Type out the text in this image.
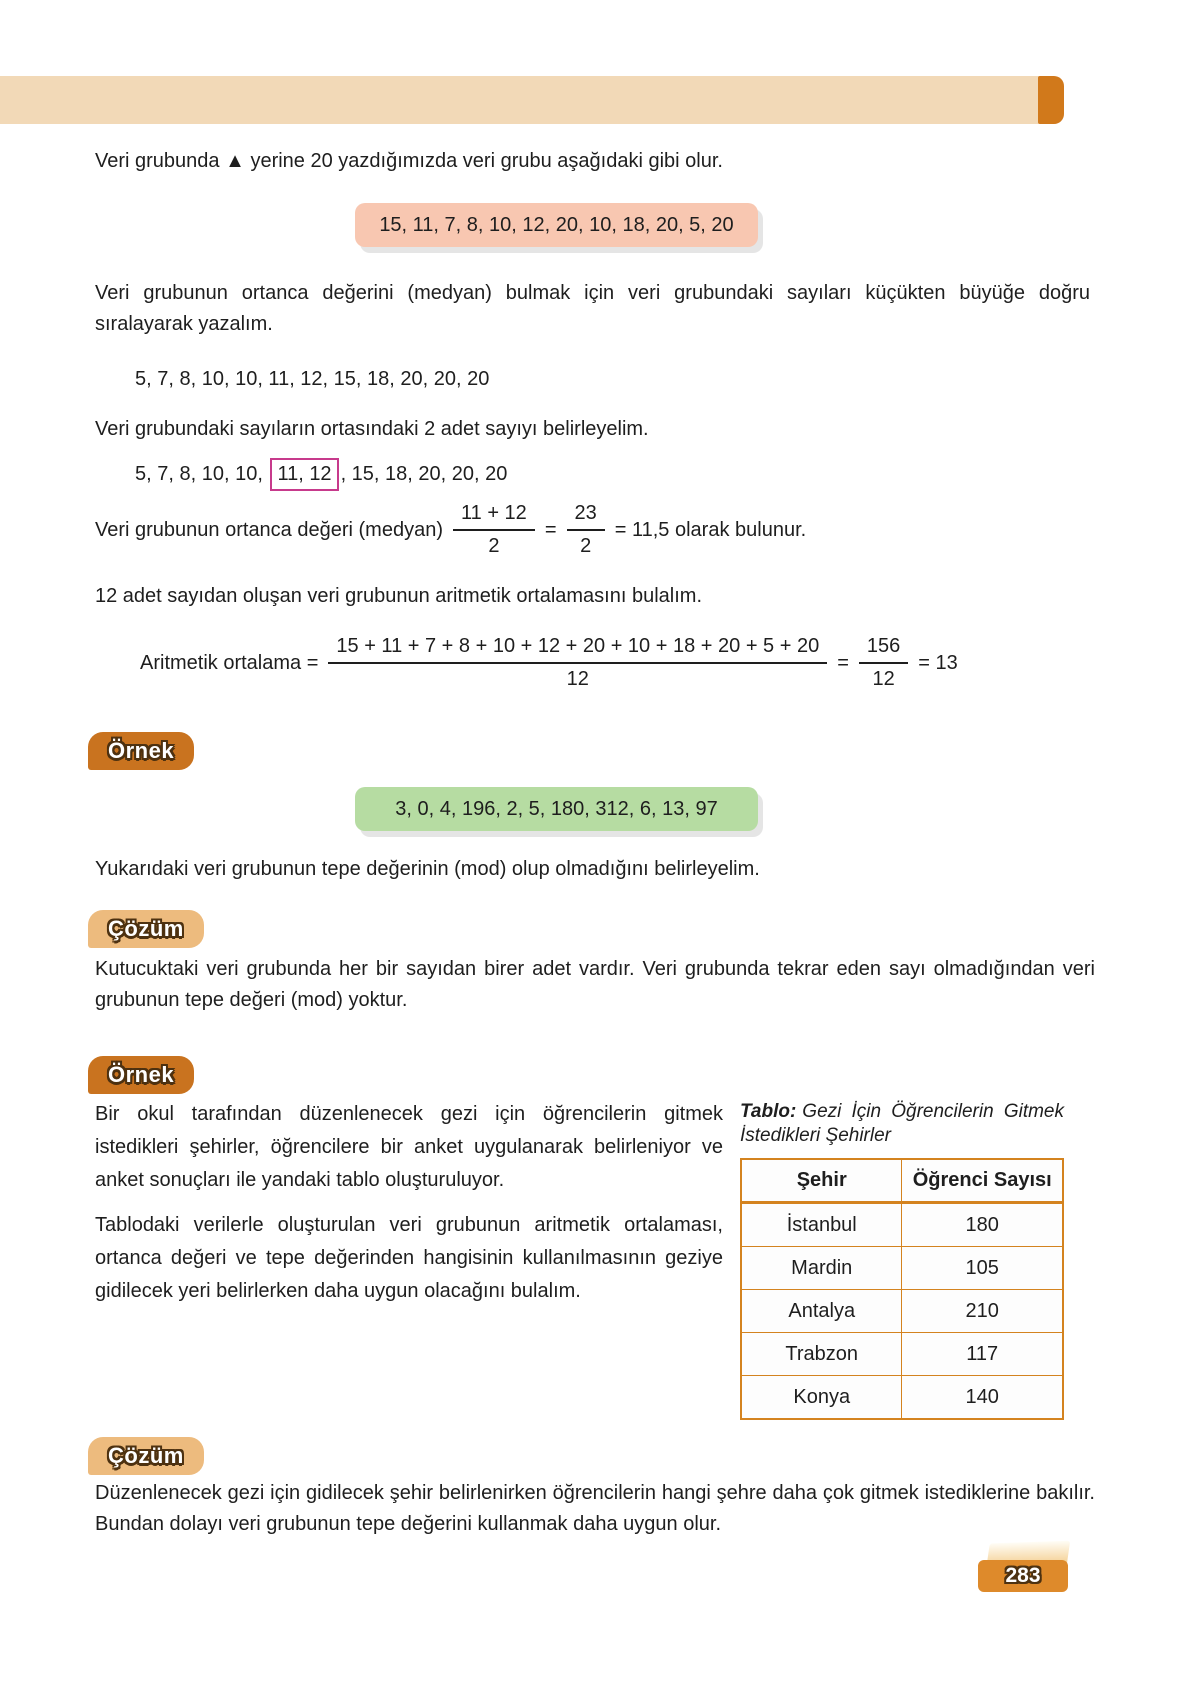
Veri grubunda ▲ yerine 20 yazdığımızda veri grubu aşağıdaki gibi olur.
15, 11, 7, 8, 10, 12, 20, 10, 18, 20, 5, 20
Veri grubunun ortanca değerini (medyan) bulmak için veri grubundaki sayıları küçükten büyüğe doğru sıralayarak yazalım.
5, 7, 8, 10, 10, 11, 12, 15, 18, 20, 20, 20
Veri grubundaki sayıların ortasındaki 2 adet sayıyı belirleyelim.
5, 7, 8, 10, 10, 11, 12 , 15, 18, 20, 20, 20
Veri grubunun ortanca değeri (medyan) $\frac{11 + 12}{2} = \frac{23}{2} = 11,5$ olarak bulunur.
12 adet sayıdan oluşan veri grubunun aritmetik ortalamasını bulalım.
Aritmetik ortalama = $\frac{15 + 11 + 7 + 8 + 10 + 12 + 20 + 10 + 18 + 20 + 5 + 20}{12} = \frac{156}{12} = 13$
Örnek
3, 0, 4, 196, 2, 5, 180, 312, 6, 13, 97
Yukarıdaki veri grubunun tepe değerinin (mod) olup olmadığını belirleyelim.
Çözüm
Kutucuktaki veri grubunda her bir sayıdan birer adet vardır. Veri grubunda tekrar eden sayı olmadığından veri grubunun tepe değeri (mod) yoktur.
Örnek

Bir okul tarafından düzenlenecek gezi için öğrencilerin gitmek istedikleri şehirler, öğrencilere bir anket uygulanarak belirleniyor ve anket sonuçları ile yandaki tablo oluşturuluyor.

Tablodaki verilerle oluşturulan veri grubunun aritmetik ortalaması, ortanca değeri ve tepe değerinden hangisinin kullanılmasının geziye gidilecek yeri belirlerken daha uygun olacağını bulalım.

Tablo: Gezi İçin Öğrencilerin Gitmek İstedikleri Şehirler
Şehir	Öğrenci Sayısı
İstanbul	180
Mardin	105
Antalya	210
Trabzon	117
Konya	140
Çözüm
Düzenlenecek gezi için gidilecek şehir belirlenirken öğrencilerin hangi şehre daha çok gitmek istediklerine bakılır. Bundan dolayı veri grubunun tepe değerini kullanmak daha uygun olur.
283
